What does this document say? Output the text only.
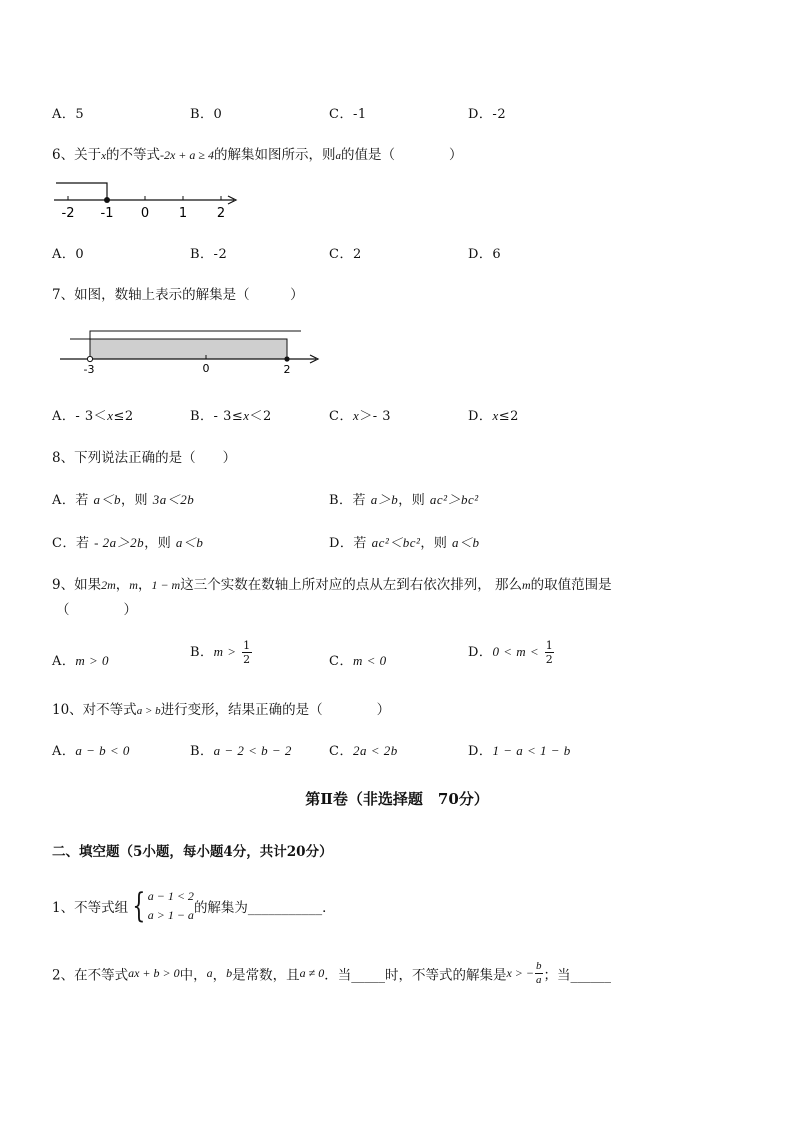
A．5	B．0	C．-1	D．-2
6、关于x的不等式-2x + a ≥ 4的解集如图所示，则a的值是（　　　　）
-2 -1 0 1 2
A．0	B．-2	C．2	D．6
7、如图，数轴上表示的解集是（　　　）
-3	0	2
A．- 3＜x≤2	B．- 3≤x＜2	C．x＞- 3	D．x≤2
8、下列说法正确的是（　　）
A．若 a＜b，则 3a＜2b	B．若 a＞b，则 ac²＞bc²
C．若 - 2a＞2b，则 a＜b	D．若 ac²＜bc²，则 a＜b
9、如果2m，m，1 − m这三个实数在数轴上所对应的点从左到右依次排列， 那么m的取值范围是
（　　　　）
A．m > 0
B．$m > \frac{1}{2}$	C．m < 0
D．$0 < m < \frac{1}{2}$
10、对不等式a > b进行变形，结果正确的是（　　　　）
A．a − b < 0	B．a − 2 < b − 2	C．2a < 2b	D．1 − a < 1 − b
第Ⅱ卷（非选择题　70分）
二、填空题（5小题，每小题4分，共计20分）
1、不等式组 { a − 1 < 2
a > 1 − a 的解集为___________．
2、在不等式ax + b > 0中，a，b是常数，且a ≠ 0．当_____时，不等式的解集是x > − $\frac{b}{a}$ ；当______
